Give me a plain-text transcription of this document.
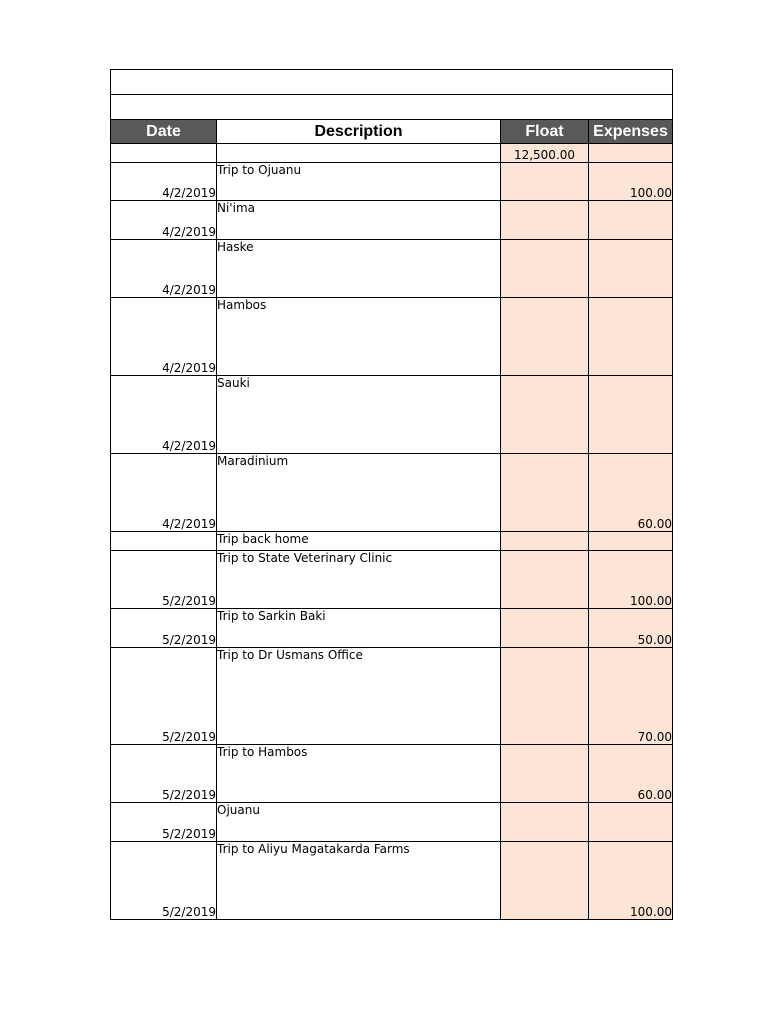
Date	Description	Float	Expenses
		12,500.00	
4/2/2019	Trip to Ojuanu		100.00
4/2/2019	Ni'ima		
4/2/2019	Haske		
4/2/2019	Hambos		
4/2/2019	Sauki		
4/2/2019	Maradinium		60.00
	Trip back home		
5/2/2019	Trip to State Veterinary Clinic		100.00
5/2/2019	Trip to Sarkin Baki		50.00
5/2/2019	Trip to Dr Usmans Office		70.00
5/2/2019	Trip to Hambos		60.00
5/2/2019	Ojuanu		
5/2/2019	Trip to Aliyu Magatakarda Farms		100.00
